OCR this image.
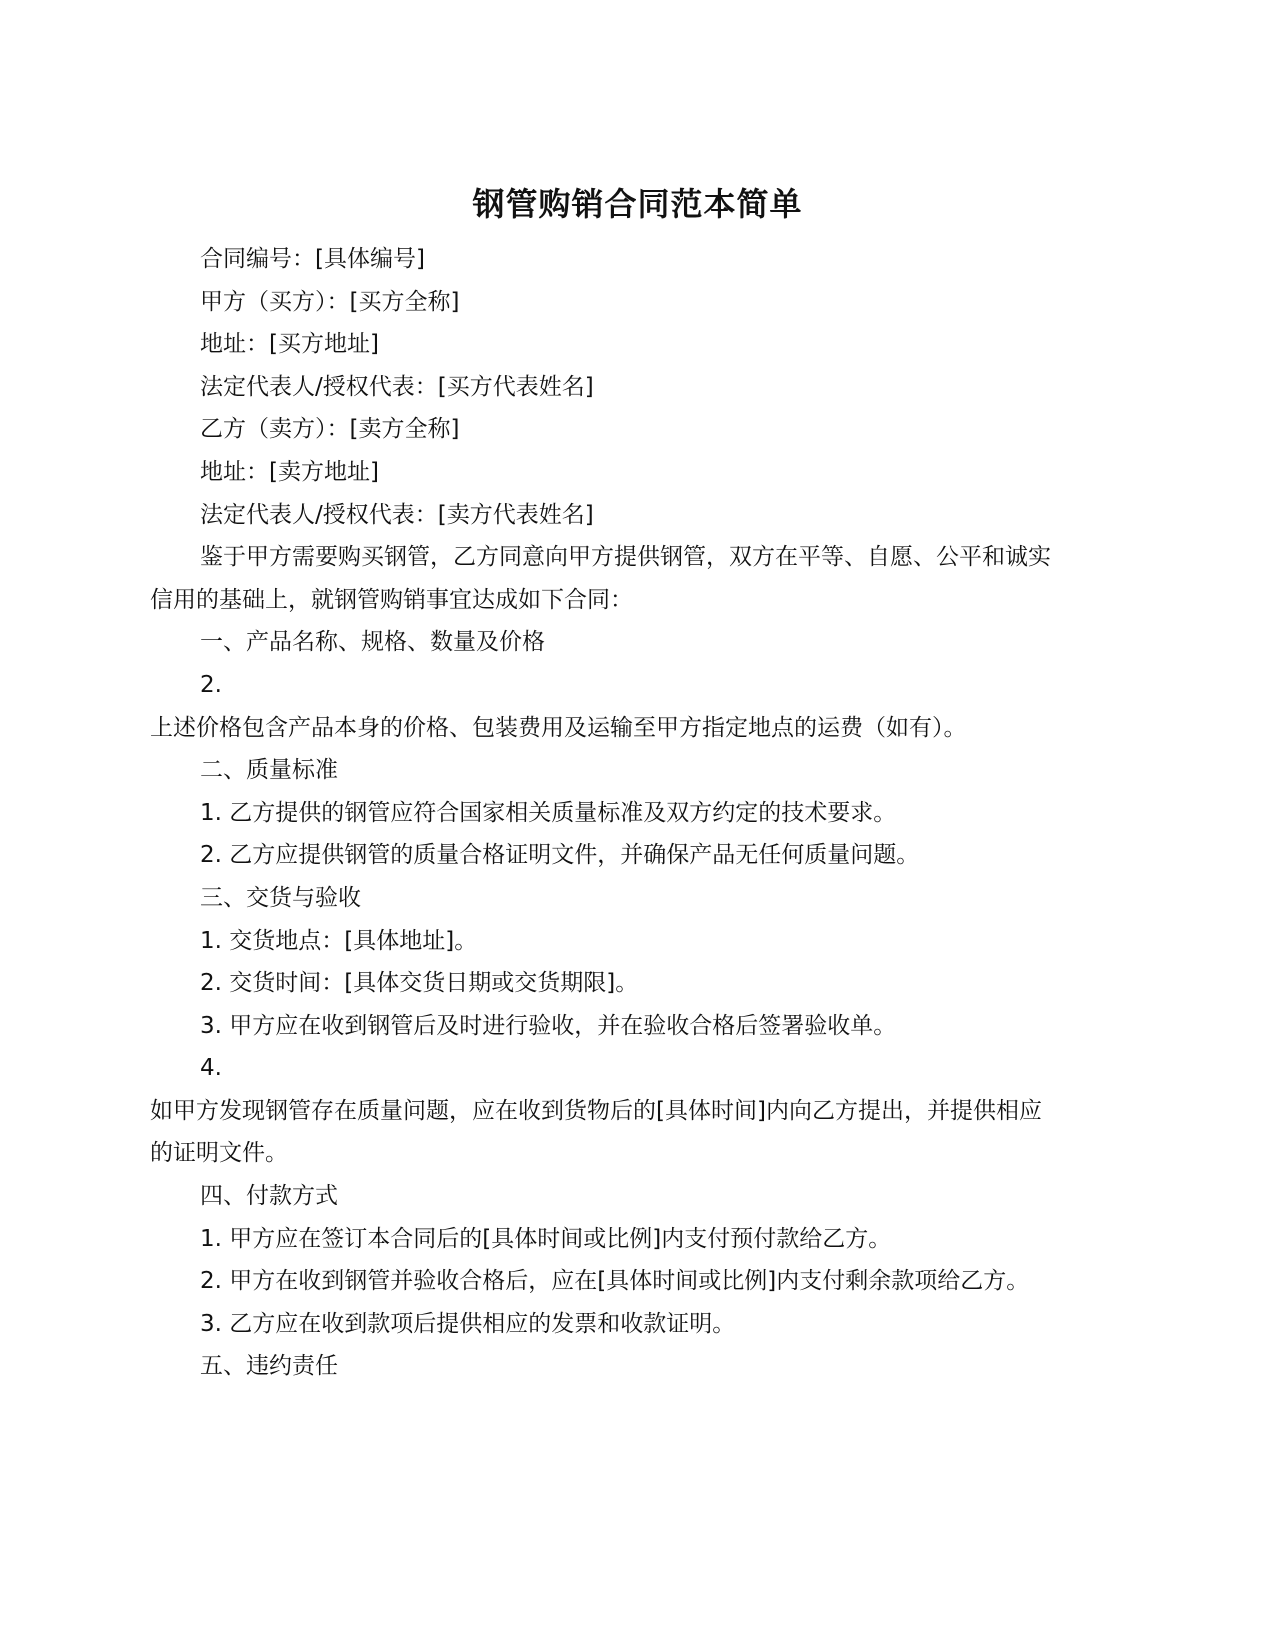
钢管购销合同范本简单

合同编号：[具体编号]

甲方（买方）：[买方全称]

地址：[买方地址]

法定代表人/授权代表：[买方代表姓名]

乙方（卖方）：[卖方全称]

地址：[卖方地址]

法定代表人/授权代表：[卖方代表姓名]

鉴于甲方需要购买钢管，乙方同意向甲方提供钢管，双方在平等、自愿、公平和诚实

信用的基础上，就钢管购销事宜达成如下合同：

一、产品名称、规格、数量及价格

2.

上述价格包含产品本身的价格、包装费用及运输至甲方指定地点的运费（如有）。

二、质量标准

1. 乙方提供的钢管应符合国家相关质量标准及双方约定的技术要求。

2. 乙方应提供钢管的质量合格证明文件，并确保产品无任何质量问题。

三、交货与验收

1. 交货地点：[具体地址]。

2. 交货时间：[具体交货日期或交货期限]。

3. 甲方应在收到钢管后及时进行验收，并在验收合格后签署验收单。

4.

如甲方发现钢管存在质量问题，应在收到货物后的[具体时间]内向乙方提出，并提供相应

的证明文件。

四、付款方式

1. 甲方应在签订本合同后的[具体时间或比例]内支付预付款给乙方。

2. 甲方在收到钢管并验收合格后，应在[具体时间或比例]内支付剩余款项给乙方。

3. 乙方应在收到款项后提供相应的发票和收款证明。

五、违约责任
